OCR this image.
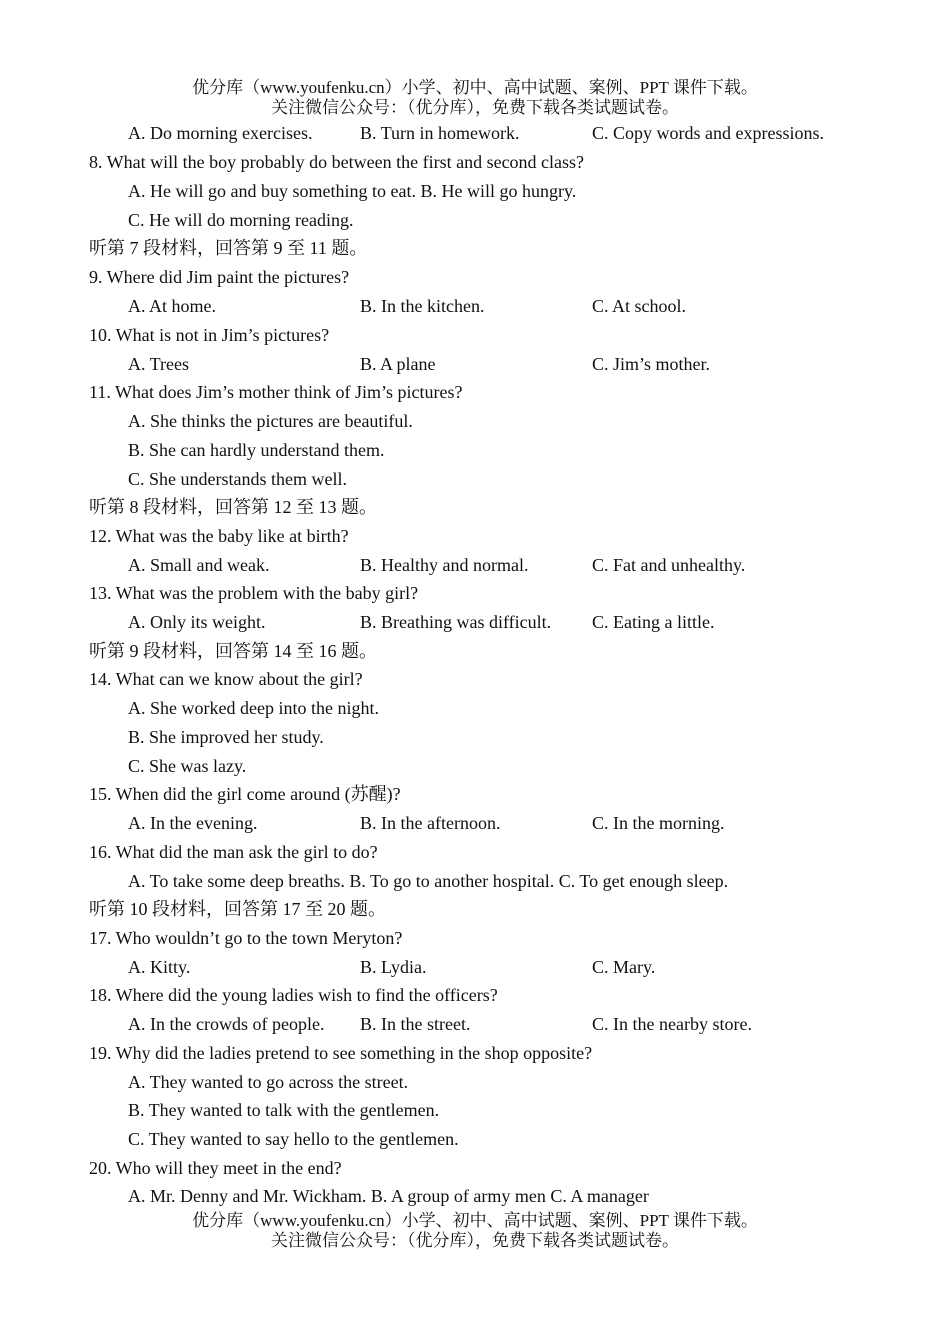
优分库（www.youfenku.cn）小学、初中、高中试题、案例、PPT 课件下载。
关注微信公众号：（优分库），免费下载各类试题试卷。
A. Do morning exercises.	B. Turn in homework.	C. Copy words and expressions.
8. What will the boy probably do between the first and second class?
A. He will go and buy something to eat. B. He will go hungry.
C. He will do morning reading.
听第 7 段材料，回答第 9 至 11 题。
9. Where did Jim paint the pictures?
A. At home.	B. In the kitchen.	C. At school.
10. What is not in Jim’s pictures?
A. Trees	B. A plane	C. Jim’s mother.
11. What does Jim’s mother think of Jim’s pictures?
A. She thinks the pictures are beautiful.
B. She can hardly understand them.
C. She understands them well.
听第 8 段材料，回答第 12 至 13 题。
12. What was the baby like at birth?
A. Small and weak.	B. Healthy and normal.	C. Fat and unhealthy.
13. What was the problem with the baby girl?
A. Only its weight.	B. Breathing was difficult. C. Eating a little.
听第 9 段材料，回答第 14 至 16 题。
14. What can we know about the girl?
A. She worked deep into the night.
B. She improved her study.
C. She was lazy.
15. When did the girl come around (苏醒)?
A. In the evening.	B. In the afternoon.	C. In the morning.
16. What did the man ask the girl to do?
A. To take some deep breaths. B. To go to another hospital. C. To get enough sleep.
听第 10 段材料，回答第 17 至 20 题。
17. Who wouldn’t go to the town Meryton?
A. Kitty.	B. Lydia.	C. Mary.
18. Where did the young ladies wish to find the officers?
A. In the crowds of people. B. In the street.	C. In the nearby store.
19. Why did the ladies pretend to see something in the shop opposite?
A. They wanted to go across the street.
B. They wanted to talk with the gentlemen.
C. They wanted to say hello to the gentlemen.
20. Who will they meet in the end?
A. Mr. Denny and Mr. Wickham. B. A group of army men C. A manager
优分库（www.youfenku.cn）小学、初中、高中试题、案例、PPT 课件下载。
关注微信公众号：（优分库），免费下载各类试题试卷。
